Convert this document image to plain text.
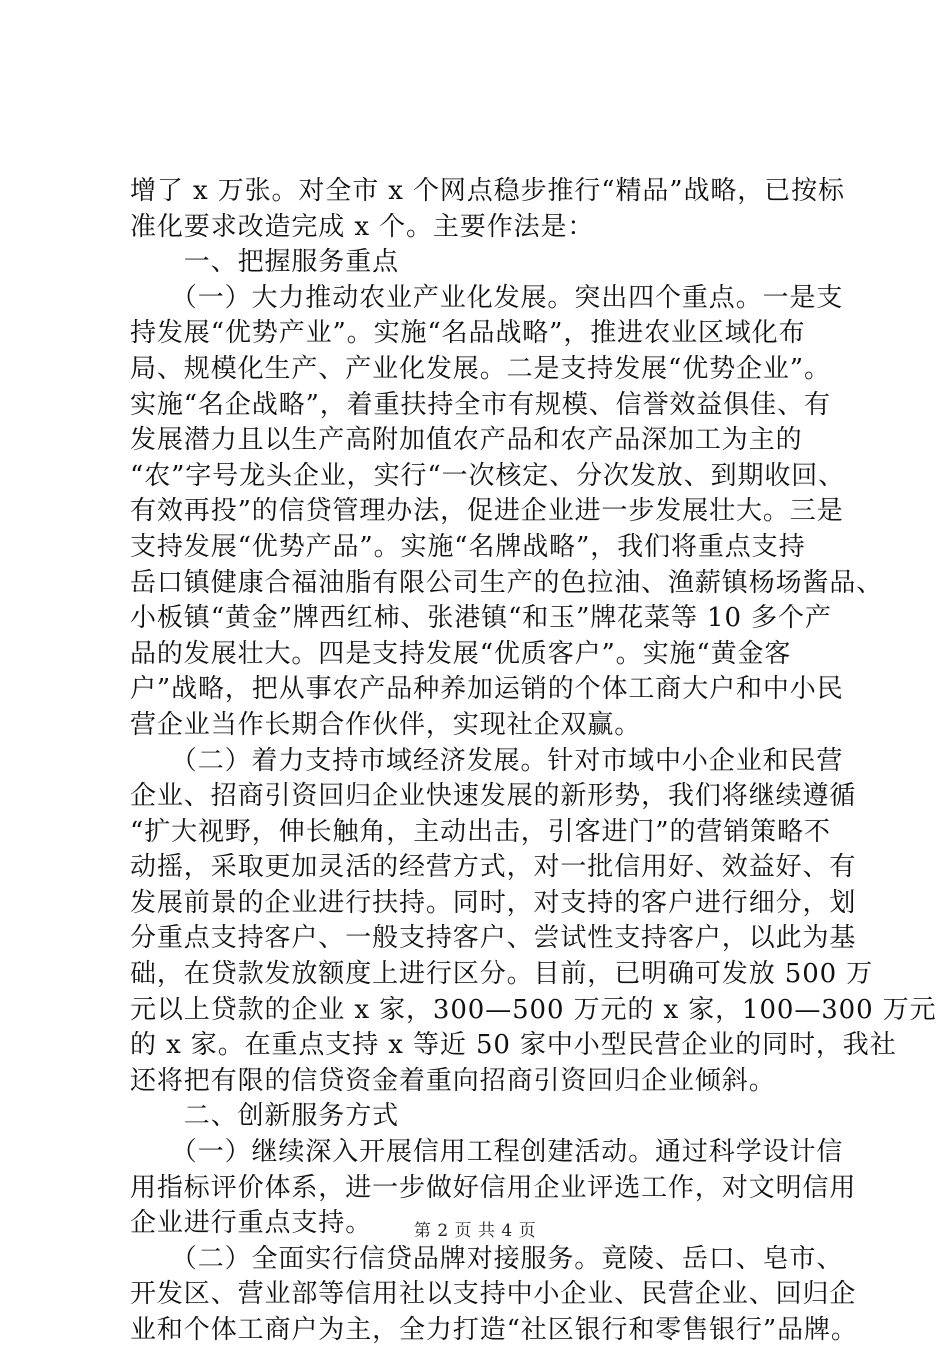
增了 x 万张。对全市 x 个网点稳步推行“精品”战略，已按标
准化要求改造完成 x 个。主要作法是：
　　一、把握服务重点
　　（一）大力推动农业产业化发展。突出四个重点。一是支
持发展“优势产业”。实施“名品战略”，推进农业区域化布
局、规模化生产、产业化发展。二是支持发展“优势企业”。
实施“名企战略”，着重扶持全市有规模、信誉效益俱佳、有
发展潜力且以生产高附加值农产品和农产品深加工为主的
“农”字号龙头企业，实行“一次核定、分次发放、到期收回、
有效再投”的信贷管理办法，促进企业进一步发展壮大。三是
支持发展“优势产品”。实施“名牌战略”，我们将重点支持
岳口镇健康合福油脂有限公司生产的色拉油、渔薪镇杨场酱品、
小板镇“黄金”牌西红柿、张港镇“和玉”牌花菜等 10 多个产
品的发展壮大。四是支持发展“优质客户”。实施“黄金客
户”战略，把从事农产品种养加运销的个体工商大户和中小民
营企业当作长期合作伙伴，实现社企双赢。
　　（二）着力支持市域经济发展。针对市域中小企业和民营
企业、招商引资回归企业快速发展的新形势，我们将继续遵循
“扩大视野，伸长触角，主动出击，引客进门”的营销策略不
动摇，采取更加灵活的经营方式，对一批信用好、效益好、有
发展前景的企业进行扶持。同时，对支持的客户进行细分，划
分重点支持客户、一般支持客户、尝试性支持客户，以此为基
础，在贷款发放额度上进行区分。目前，已明确可发放 500 万
元以上贷款的企业 x 家，300—500 万元的 x 家，100—300 万元
的 x 家。在重点支持 x 等近 50 家中小型民营企业的同时，我社
还将把有限的信贷资金着重向招商引资回归企业倾斜。
　　二、创新服务方式
　　（一）继续深入开展信用工程创建活动。通过科学设计信
用指标评价体系，进一步做好信用企业评选工作，对文明信用
企业进行重点支持。
　　（二）全面实行信贷品牌对接服务。竟陵、岳口、皂市、
开发区、营业部等信用社以支持中小企业、民营企业、回归企
业和个体工商户为主，全力打造“社区银行和零售银行”品牌。
第 2 页 共 4 页
